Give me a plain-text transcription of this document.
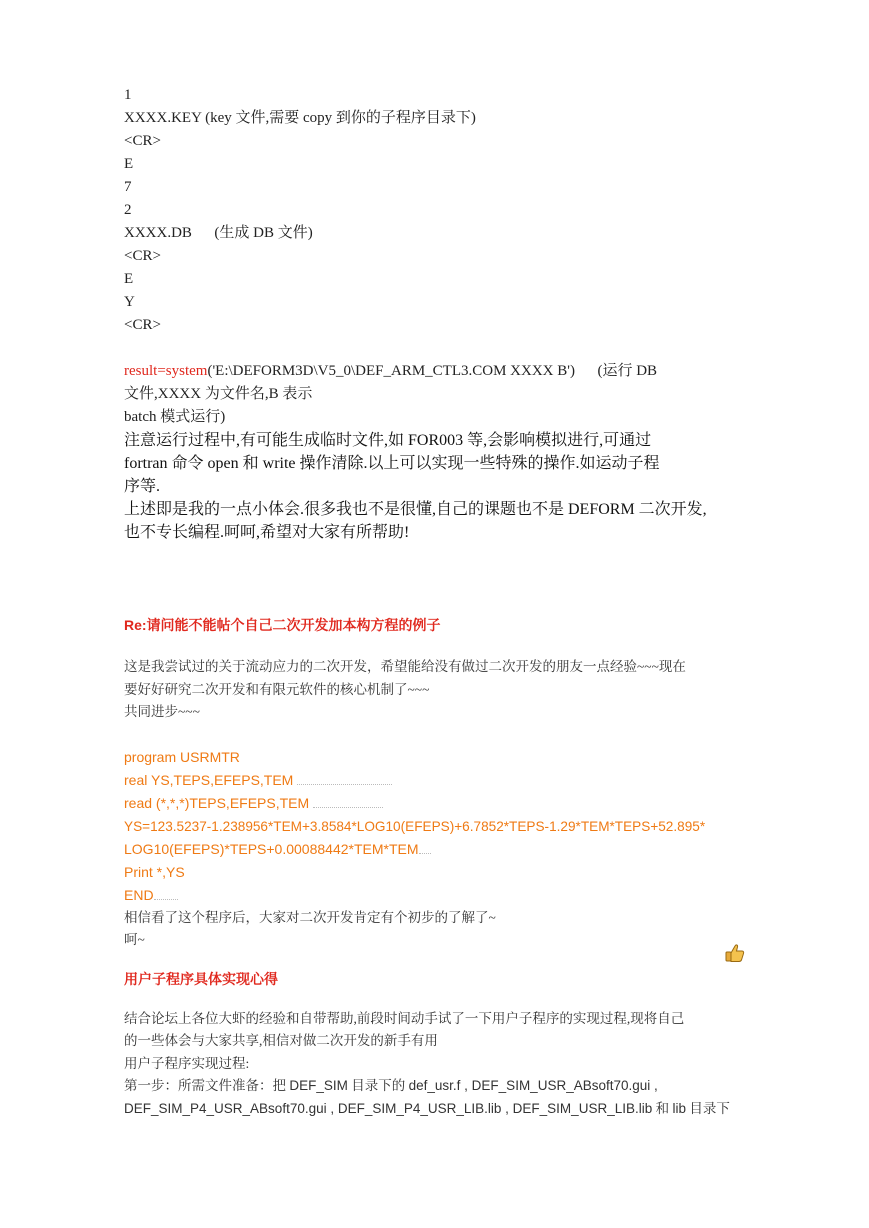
1
XXXX.KEY (key 文件,需要 copy 到你的子程序目录下)
<CR>
E
7
2
XXXX.DB      (生成 DB 文件)
<CR>
E
Y
<CR>
result=system('E:\DEFORM3D\V5_0\DEF_ARM_CTL3.COM XXXX B')      (运行 DB
文件,XXXX 为文件名,B 表示
batch 模式运行)
注意运行过程中,有可能生成临时文件,如 FOR003 等,会影响模拟进行,可通过
fortran 命令 open 和 write 操作清除.以上可以实现一些特殊的操作.如运动子程
序等.
上述即是我的一点小体会.很多我也不是很懂,自己的课题也不是 DEFORM 二次开发,
也不专长编程.呵呵,希望对大家有所帮助!
Re:请问能不能帖个自己二次开发加本构方程的例子
这是我尝试过的关于流动应力的二次开发，希望能给没有做过二次开发的朋友一点经验~~~现在
要好好研究二次开发和有限元软件的核心机制了~~~
共同进步~~~
program USRMTR
real YS,TEPS,EFEPS,TEM
read (*,*,*)TEPS,EFEPS,TEM
YS=123.5237-1.238956*TEM+3.8584*LOG10(EFEPS)+6.7852*TEPS-1.29*TEM*TEPS+52.895*
LOG10(EFEPS)*TEPS+0.00088442*TEM*TEM
Print *,YS
END
相信看了这个程序后，大家对二次开发肯定有个初步的了解了~
呵~
用户子程序具体实现心得
结合论坛上各位大虾的经验和自带帮助,前段时间动手试了一下用户子程序的实现过程,现将自己
的一些体会与大家共享,相信对做二次开发的新手有用
用户子程序实现过程:
第一步：所需文件准备：把 DEF_SIM 目录下的 def_usr.f , DEF_SIM_USR_ABsoft70.gui ,
DEF_SIM_P4_USR_ABsoft70.gui , DEF_SIM_P4_USR_LIB.lib , DEF_SIM_USR_LIB.lib 和 lib 目录下
